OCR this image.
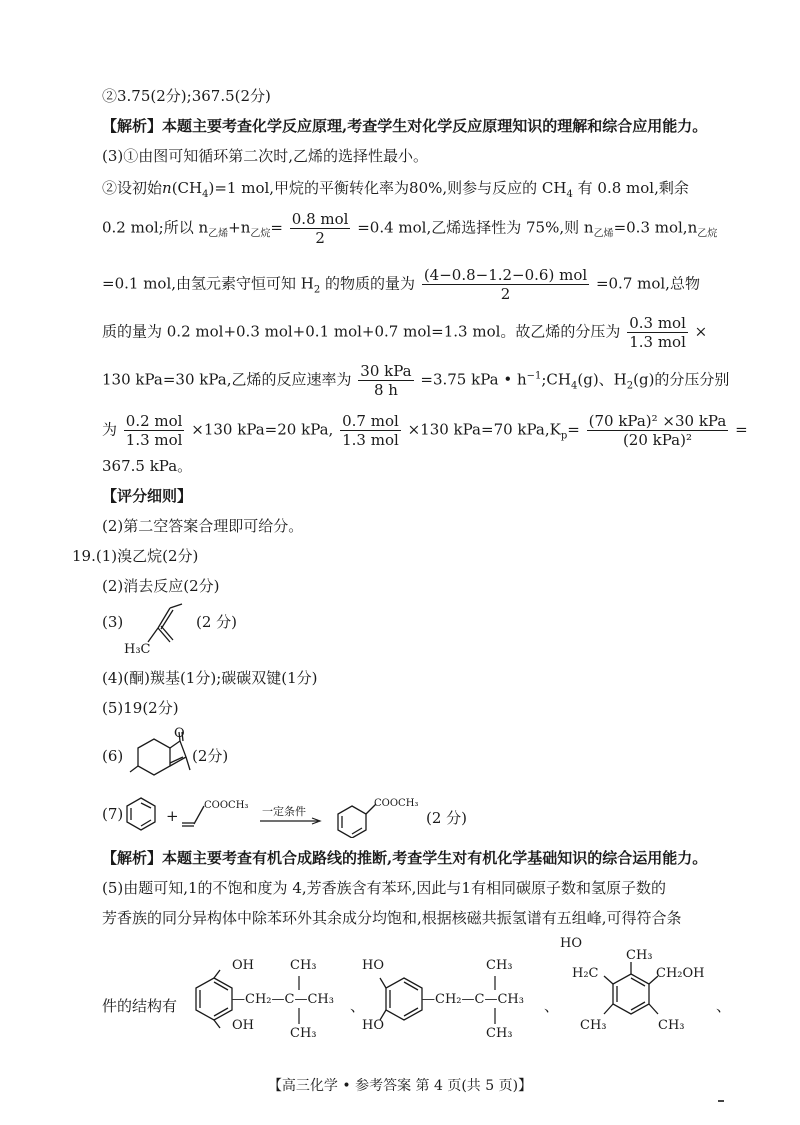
②3.75(2分);367.5(2分)
【解析】本题主要考查化学反应原理,考查学生对化学反应原理知识的理解和综合应用能力。
(3)①由图可知循环第二次时,乙烯的选择性最小。
②设初始$n(CH_4)=1$ mol,甲烷的平衡转化率为80%,则参与反应的 $CH_4$ 有 0.8 mol,剩余
0.2 mol;所以 $n_{乙烯}+n_{乙烷}= \frac{\text{0.8 mol}}{2} =0.4$ mol,乙烯选择性为 75%,则 $n_{乙烯}=0.3$ $mol,n_{乙烷}$
=0.1 mol,由氢元素守恒可知 $H_2$ 的物质的量为 $\frac{\text{(4−0.8−1.2−0.6) mol}}{2} =0.7$ mol,总物
质的量为 0.2 mol+0.3 mol+0.1 mol+0.7 mol=1.3 mol。故乙烯的分压为 $\frac{\text{0.3 mol}}{\text{1.3 mol}}$ ×
130 kPa=30 kPa,乙烯的反应速率为 $\frac{\text{30 kPa}}{8 h} =3.75$ kPa • $h^{-1};CH_4(g)$、$H_2(g)$的分压分别
为 $\frac{\text{0.2 mol}}{\text{1.3 mol}} \times 130$ kPa=20 kPa, $\frac{\text{0.7 mol}}{\text{1.3 mol}} \times 130$ kPa=70 $kPa,K_p= \frac{\text{(70 kPa)² ×30 kPa}}{\text{(20 kPa)²}}$ =
367.5 kPa。
【评分细则】
(2)第二空答案合理即可给分。
19.(1)溴乙烷(2分)
(2)消去反应(2分)
(3)
H₃C
(2 分)
(4)(酮)羰基(1分);碳碳双键(1分)
(5)19(2分)
(6)
O
(2分)
(7)	+
COOCH₃ 一定条件
COOCH₃
(2 分)
【解析】本题主要考查有机合成路线的推断,考查学生对有机化学基础知识的综合运用能力。
(5)由题可知,1的不饱和度为 4,芳香族含有苯环,因此与1有相同碳原子数和氢原子数的
芳香族的同分异构体中除苯环外其余成分均饱和,根据核磁共振氢谱有五组峰,可得符合条
件的结构有
OH
OH
CH₃
—CH₂—C—CH₃
CH₃
、
HO
HO
CH₃
—CH₂—C—CH₃
CH₃
、
HO
H₂C
CH₃
CH₂OH
CH₃	CH₃
、
【高三化学 • 参考答案 第 4 页(共 5 页)】
